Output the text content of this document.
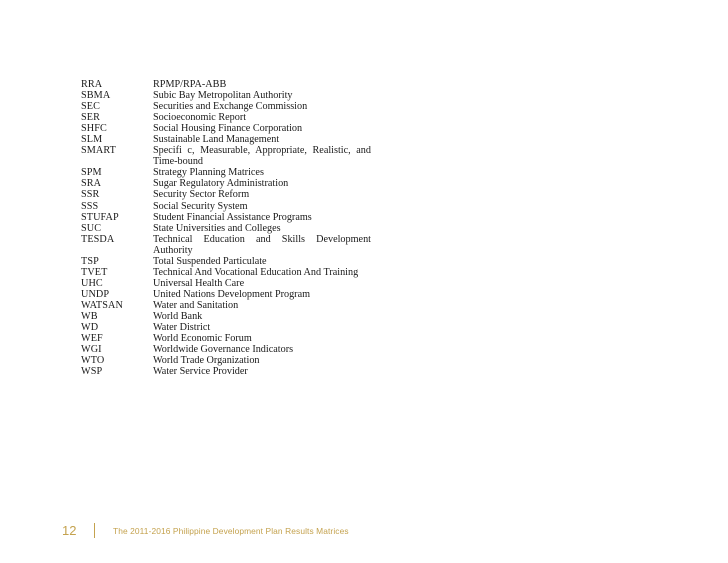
RRA	RPMP/RPA-ABB
SBMA	Subic Bay Metropolitan Authority
SEC	Securities and Exchange Commission
SER	Socioeconomic Report
SHFC	Social Housing Finance Corporation
SLM	Sustainable Land Management
SMART	Specifi c, Measurable, Appropriate, Realistic, and Time-bound
SPM	Strategy Planning Matrices
SRA	Sugar Regulatory Administration
SSR	Security Sector Reform
SSS	Social Security System
STUFAP	Student Financial Assistance Programs
SUC	State Universities and Colleges
TESDA	Technical Education and Skills Development Authority
TSP	Total Suspended Particulate
TVET	Technical And Vocational Education And Training
UHC	Universal Health Care
UNDP	United Nations Development Program
WATSAN	Water and Sanitation
WB	World Bank
WD	Water District
WEF	World Economic Forum
WGI	Worldwide Governance Indicators
WTO	World Trade Organization
WSP	Water Service Provider
12	The 2011-2016 Philippine Development Plan Results Matrices
